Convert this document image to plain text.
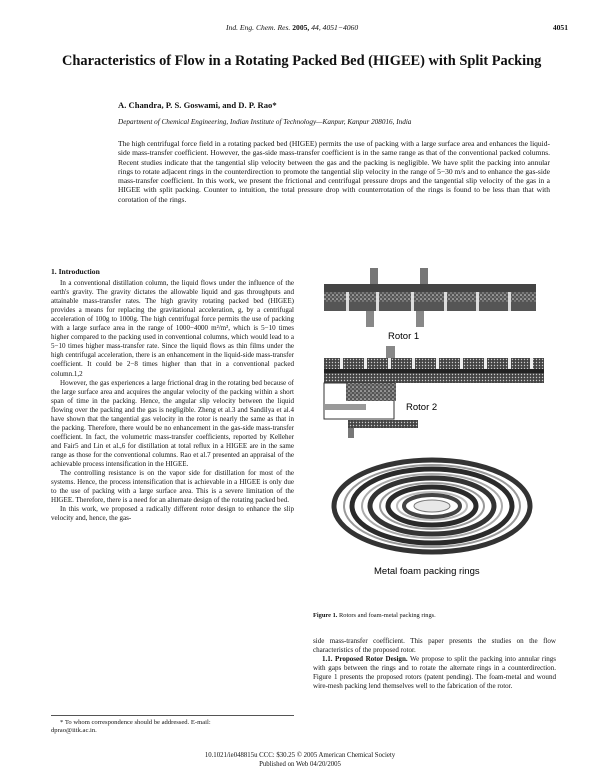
Ind. Eng. Chem. Res. 2005, 44, 4051−4060	4051
Characteristics of Flow in a Rotating Packed Bed (HIGEE) with Split Packing
A. Chandra, P. S. Goswami, and D. P. Rao*
Department of Chemical Engineering, Indian Institute of Technology—Kanpur, Kanpur 208016, India

The high centrifugal force field in a rotating packed bed (HIGEE) permits the use of packing with a large surface area and enhances the liquid-side mass-transfer coefficient. However, the gas-side mass-transfer coefficient is in the same range as that of the conventional packed columns. Recent studies indicate that the tangential slip velocity between the gas and the packing is negligible. We have split the packing into annular rings to rotate adjacent rings in the counterdirection to promote the tangential slip velocity in the range of 5−30 m/s and to enhance the gas-side mass-transfer coefficient. In this work, we present the frictional and centrifugal pressure drops and the tangential slip velocity of the gas in a HIGEE with split packing. Counter to intuition, the total pressure drop with counterrotation of the rings is found to be less than that with corotation of the rings.

1. Introduction

In a conventional distillation column, the liquid flows under the influence of the earth's gravity. The gravity dictates the allowable liquid and gas throughputs and attainable mass-transfer rates. The high gravity rotating packed bed (HIGEE) provides a means for replacing the gravitational acceleration, g, by a centrifugal acceleration of 100g to 1000g. The high centrifugal force permits the use of packing with a large surface area in the range of 1000−4000 m²/m³, which is 5−10 times higher compared to the packing used in conventional columns, which would lead to a 5−10 times higher mass-transfer rate. Since the liquid flows as thin films under the high centrifugal acceleration, there is an enhancement in the liquid-side mass-transfer coefficient. It could be 2−8 times higher than that in a conventional packed column.1,2

However, the gas experiences a large frictional drag in the rotating bed because of the large surface area and acquires the angular velocity of the packing within a short span of time in the packing. Hence, the angular slip velocity between the liquid flowing over the packing and the gas is negligible. Zheng et al.3 and Sandilya et al.4 have shown that the tangential gas velocity in the rotor is nearly the same as that in the packing. Therefore, there would be no enhancement in the gas-side mass-transfer coefficient. In fact, the volumetric mass-transfer coefficients, reported by Kelleher and Fair5 and Lin et al.,6 for distillation at total reflux in a HIGEE are in the same range as those for the conventional columns. Rao et al.7 presented an appraisal of the achievable process intensification in the HIGEE.

The controlling resistance is on the vapor side for distillation for most of the systems. Hence, the process intensification that is achievable in a HIGEE is only due to the use of packing with a large surface area. This is a severe limitation of the HIGEE. Therefore, there is a need for an alternate design of the rotating packed bed.

In this work, we proposed a radically different rotor design to enhance the slip velocity and, hence, the gas-

* To whom correspondence should be addressed. E-mail:
dprao@iitk.ac.in.
Rotor 1
Rotor 2
Metal foam packing rings
Figure 1. Rotors and foam-metal packing rings.

side mass-transfer coefficient. This paper presents the studies on the flow characteristics of the proposed rotor.

1.1. Proposed Rotor Design. We propose to split the packing into annular rings with gaps between the rings and to rotate the alternate rings in a counterdirection. Figure 1 presents the proposed rotors (patent pending). The foam-metal and wound wire-mesh packing lend themselves well to the fabrication of the rotor.

10.1021/ie048815u CCC: $30.25 © 2005 American Chemical Society
Published on Web 04/20/2005
